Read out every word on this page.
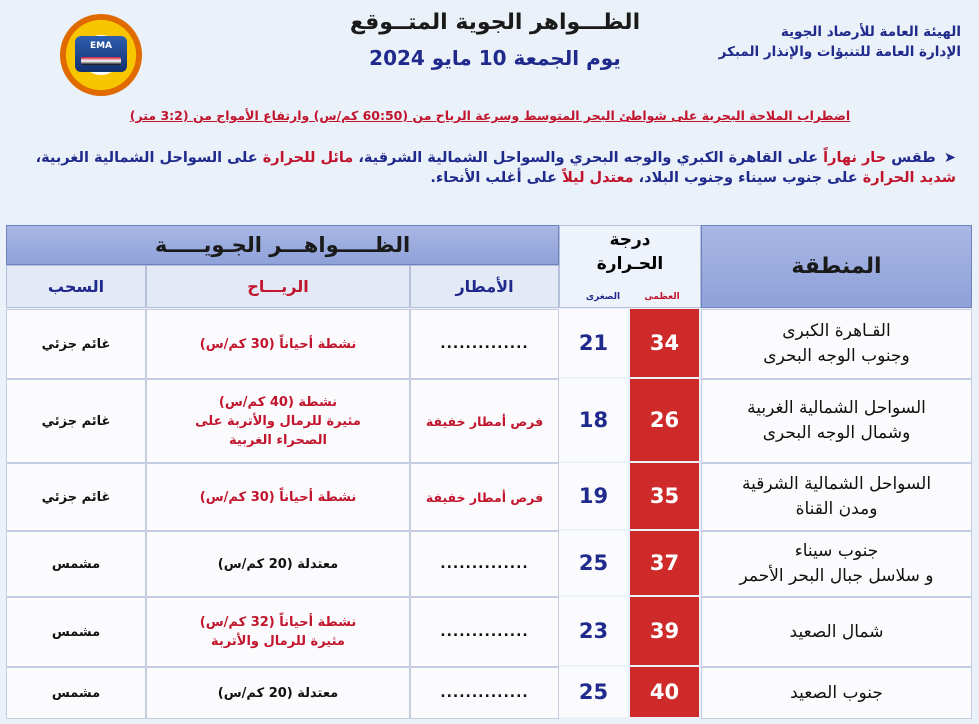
EMA
الظـــواهر الجوية المتــوقع
يوم الجمعة 10 مايو 2024
الهيئة العامة للأرصاد الجوية
الإدارة العامة للتنبؤات والإنذار المبكر
اضطراب الملاحة البحرية على شواطئ البحر المتوسط وسرعة الرياح من (60:50 كم/س) وارتفاع الأمواج من (3:2 متر)
➤طقس حار نهاراً على القاهرة الكبري والوجه البحري والسواحل الشمالية الشرقية، مائل للحرارة على السواحل الشمالية الغربية،
شديد الحرارة على جنوب سيناء وجنوب البلاد، معتدل ليلاً على أغلب الأنحاء.
المنطقة
درجة
الحـرارة
العظمى
الصغرى
الظـــــواهـــر الجـويـــــة
الأمطار
الريـــاح
السحب
القـاهرة الكبرى
وجنوب الوجه البحرى
34
21
..............
نشطة أحياناً (30 كم/س)
غائم جزئي
السواحل الشمالية الغربية
وشمال الوجه البحرى
26
18
فرص أمطار خفيفة
نشطة (40 كم/س)
مثيرة للرمال والأتربة على
الصحراء الغربية
غائم جزئي
السواحل الشمالية الشرقية
ومدن القناة
35
19
فرص أمطار خفيفة
نشطة أحياناً (30 كم/س)
غائم جزئي
جنوب سيناء
و سلاسل جبال البحر الأحمر
37
25
..............
معتدلة (20 كم/س)
مشمس
شمال الصعيد
39
23
..............
نشطة أحياناً (32 كم/س)
مثيرة للرمال والأتربة
مشمس
جنوب الصعيد
40
25
..............
معتدلة (20 كم/س)
مشمس
